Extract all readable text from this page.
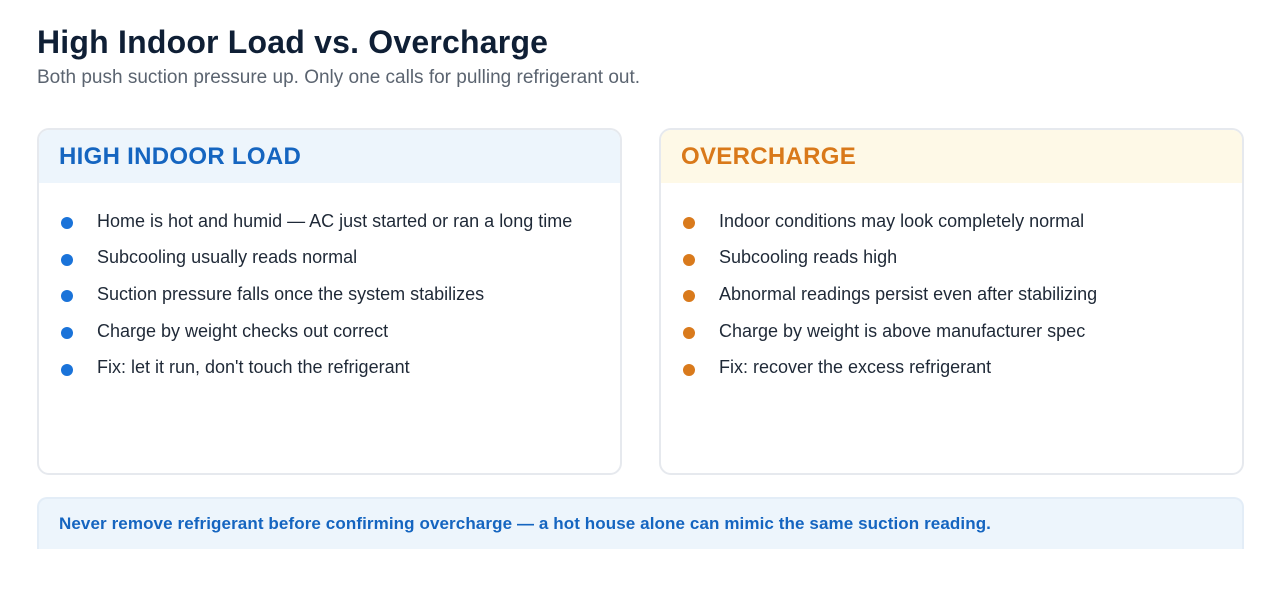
High Indoor Load vs. Overcharge

Both push suction pressure up. Only one calls for pulling refrigerant out.

HIGH INDOOR LOAD
Home is hot and humid — AC just started or ran a long time
Subcooling usually reads normal
Suction pressure falls once the system stabilizes
Charge by weight checks out correct
Fix: let it run, don't touch the refrigerant
OVERCHARGE
Indoor conditions may look completely normal
Subcooling reads high
Abnormal readings persist even after stabilizing
Charge by weight is above manufacturer spec
Fix: recover the excess refrigerant
Never remove refrigerant before confirming overcharge — a hot house alone can mimic the same suction reading.
